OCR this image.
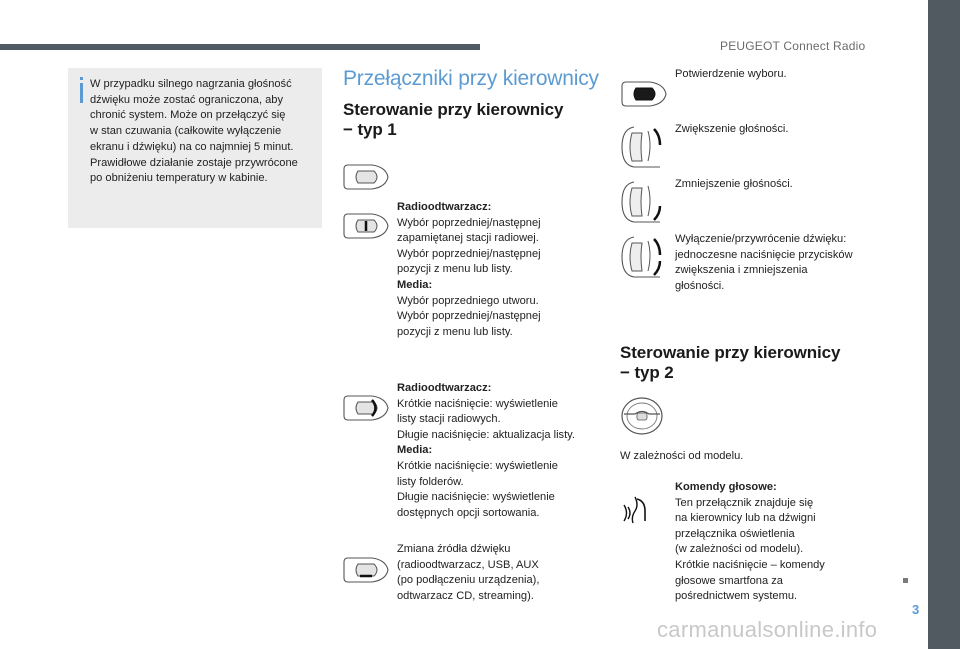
PEUGEOT Connect Radio
3
carmanualsonline.info
W przypadku silnego nagrzania głośność
dźwięku może zostać ograniczona, aby
chronić system. Może on przełączyć się
w stan czuwania (całkowite wyłączenie
ekranu i dźwięku) na co najmniej 5 minut.
Prawidłowe działanie zostaje przywrócone
po obniżeniu temperatury w kabinie.
Przełączniki przy kierownicy
Sterowanie przy kierownicy
− typ 1
Radioodtwarzacz:
Wybór poprzedniej/następnej
zapamiętanej stacji radiowej.
Wybór poprzedniej/następnej
pozycji z menu lub listy.
Media:
Wybór poprzedniego utworu.
Wybór poprzedniej/następnej
pozycji z menu lub listy.
Radioodtwarzacz:
Krótkie naciśnięcie: wyświetlenie
listy stacji radiowych.
Długie naciśnięcie: aktualizacja listy.
Media:
Krótkie naciśnięcie: wyświetlenie
listy folderów.
Długie naciśnięcie: wyświetlenie
dostępnych opcji sortowania.
Zmiana źródła dźwięku
(radioodtwarzacz, USB, AUX
(po podłączeniu urządzenia),
odtwarzacz CD, streaming).
Potwierdzenie wyboru.
Zwiększenie głośności.
Zmniejszenie głośności.
Wyłączenie/przywrócenie dźwięku:
jednoczesne naciśnięcie przycisków
zwiększenia i zmniejszenia
głośności.
Sterowanie przy kierownicy
− typ 2
W zależności od modelu.
Komendy głosowe:
Ten przełącznik znajduje się
na kierownicy lub na dźwigni
przełącznika oświetlenia
(w zależności od modelu).
Krótkie naciśnięcie – komendy
głosowe smartfona za
pośrednictwem systemu.
